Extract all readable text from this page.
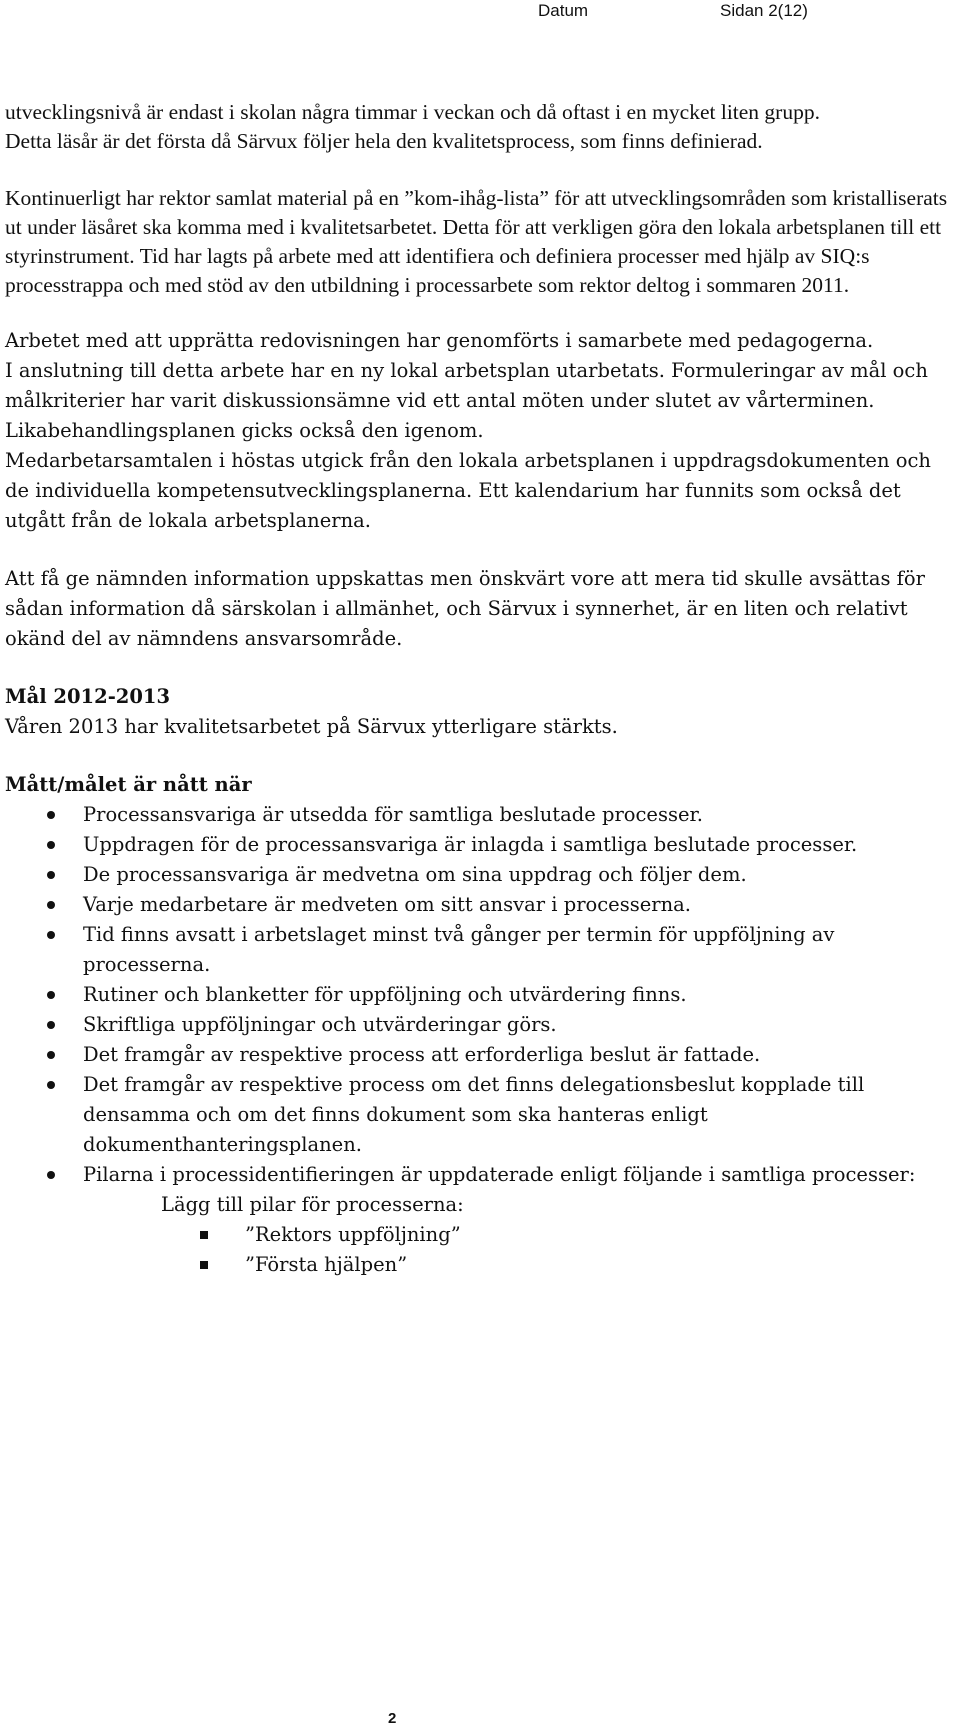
Datum	Sidan 2(12)

utvecklingsnivå är endast i skolan några timmar i veckan och då oftast i en mycket liten grupp.

Detta läsår är det första då Särvux följer hela den kvalitetsprocess, som finns definierad.

Kontinuerligt har rektor samlat material på en ”kom-ihåg-lista” för att utvecklingsområden som kristalliserats ut under läsåret ska komma med i kvalitetsarbetet. Detta för att verkligen göra den lokala arbetsplanen till ett styrinstrument. Tid har lagts på arbete med att identifiera och definiera processer med hjälp av SIQ:s processtrappa och med stöd av den utbildning i processarbete som rektor deltog i sommaren 2011.

Arbetet med att upprätta redovisningen har genomförts i samarbete med pedagogerna.

I anslutning till detta arbete har en ny lokal arbetsplan utarbetats. Formuleringar av mål och målkriterier har varit diskussionsämne vid ett antal möten under slutet av vårterminen.

Likabehandlingsplanen gicks också den igenom.

Medarbetarsamtalen i höstas utgick från den lokala arbetsplanen i uppdragsdokumenten och de individuella kompetensutvecklingsplanerna. Ett kalendarium har funnits som också det utgått från de lokala arbetsplanerna.

Att få ge nämnden information uppskattas men önskvärt vore att mera tid skulle avsättas för sådan information då särskolan i allmänhet, och Särvux i synnerhet, är en liten och relativt okänd del av nämndens ansvarsområde.

Mål 2012-2013

Våren 2013 har kvalitetsarbetet på Särvux ytterligare stärkts.

Mått/målet är nått när

Processansvariga är utsedda för samtliga beslutade processer.
Uppdragen för de processansvariga är inlagda i samtliga beslutade processer.
De processansvariga är medvetna om sina uppdrag och följer dem.
Varje medarbetare är medveten om sitt ansvar i processerna.
Tid finns avsatt i arbetslaget minst två gånger per termin för uppföljning av processerna.
Rutiner och blanketter för uppföljning och utvärdering finns.
Skriftliga uppföljningar och utvärderingar görs.
Det framgår av respektive process att erforderliga beslut är fattade.
Det framgår av respektive process om det finns delegationsbeslut kopplade till densamma och om det finns dokument som ska hanteras enligt dokumenthanteringsplanen.
Pilarna i processidentifieringen är uppdaterade enligt följande i samtliga processer:

Lägg till pilar för processerna:

”Rektors uppföljning”
”Första hjälpen”
2
